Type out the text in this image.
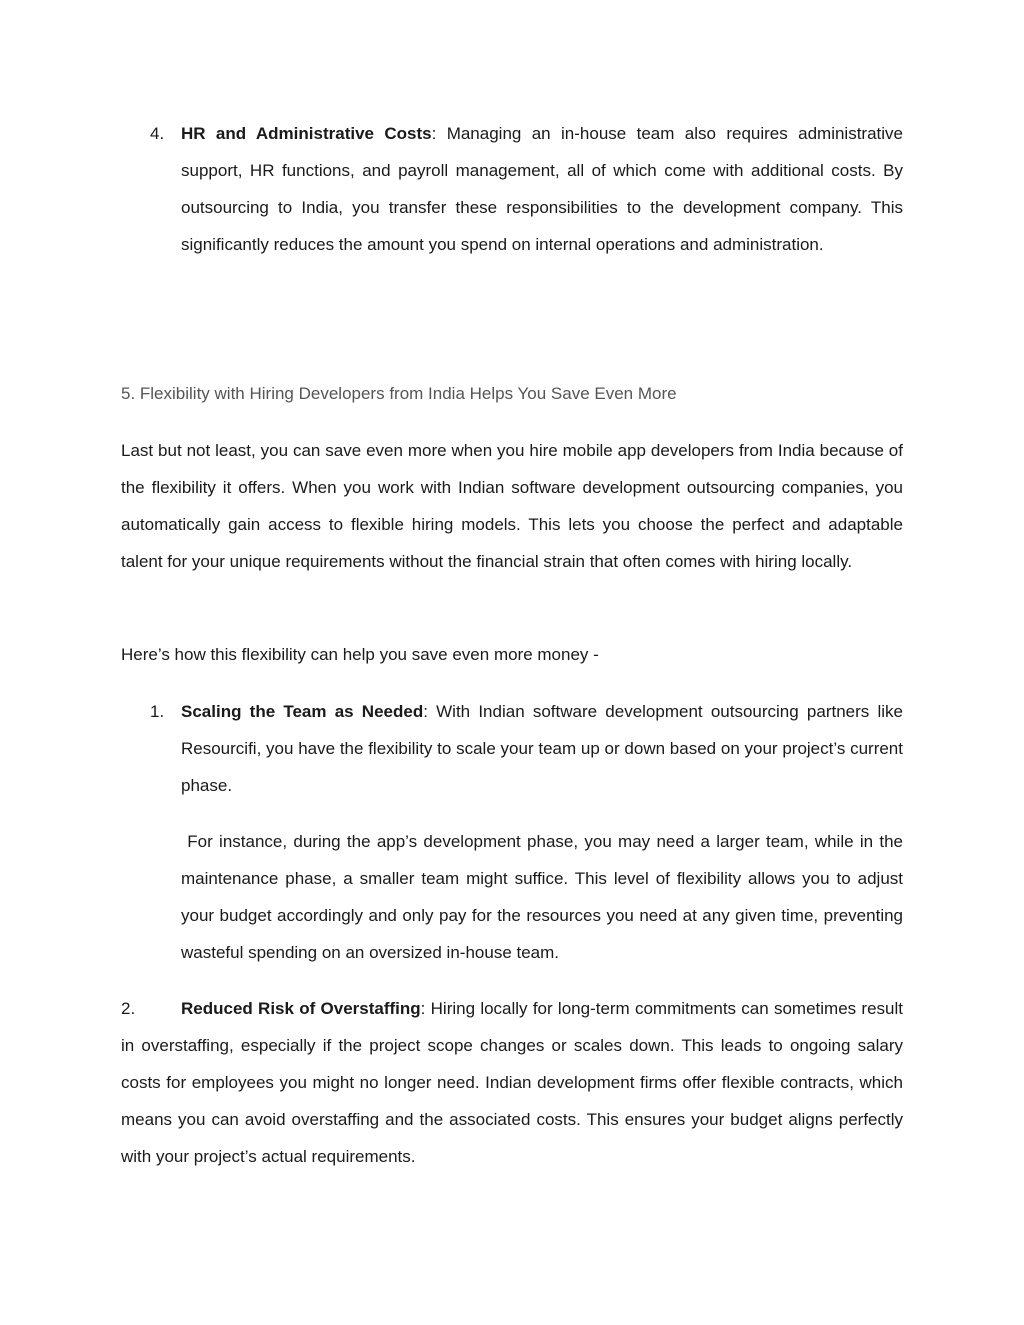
4. HR and Administrative Costs: Managing an in-house team also requires administrative support, HR functions, and payroll management, all of which come with additional costs. By outsourcing to India, you transfer these responsibilities to the development company. This significantly reduces the amount you spend on internal operations and administration.

5. Flexibility with Hiring Developers from India Helps You Save Even More

Last but not least, you can save even more when you hire mobile app developers from India because of the flexibility it offers. When you work with Indian software development outsourcing companies, you automatically gain access to flexible hiring models. This lets you choose the perfect and adaptable talent for your unique requirements without the financial strain that often comes with hiring locally.

Here’s how this flexibility can help you save even more money -

1. Scaling the Team as Needed: With Indian software development outsourcing partners like Resourcifi, you have the flexibility to scale your team up or down based on your project’s current phase.

For instance, during the app’s development phase, you may need a larger team, while in the maintenance phase, a smaller team might suffice. This level of flexibility allows you to adjust your budget accordingly and only pay for the resources you need at any given time, preventing wasteful spending on an oversized in-house team.

2.	Reduced Risk of Overstaffing: Hiring locally for long-term commitments can sometimes result in overstaffing, especially if the project scope changes or scales down. This leads to ongoing salary costs for employees you might no longer need. Indian development firms offer flexible contracts, which means you can avoid overstaffing and the associated costs. This ensures your budget aligns perfectly with your project’s actual requirements.
